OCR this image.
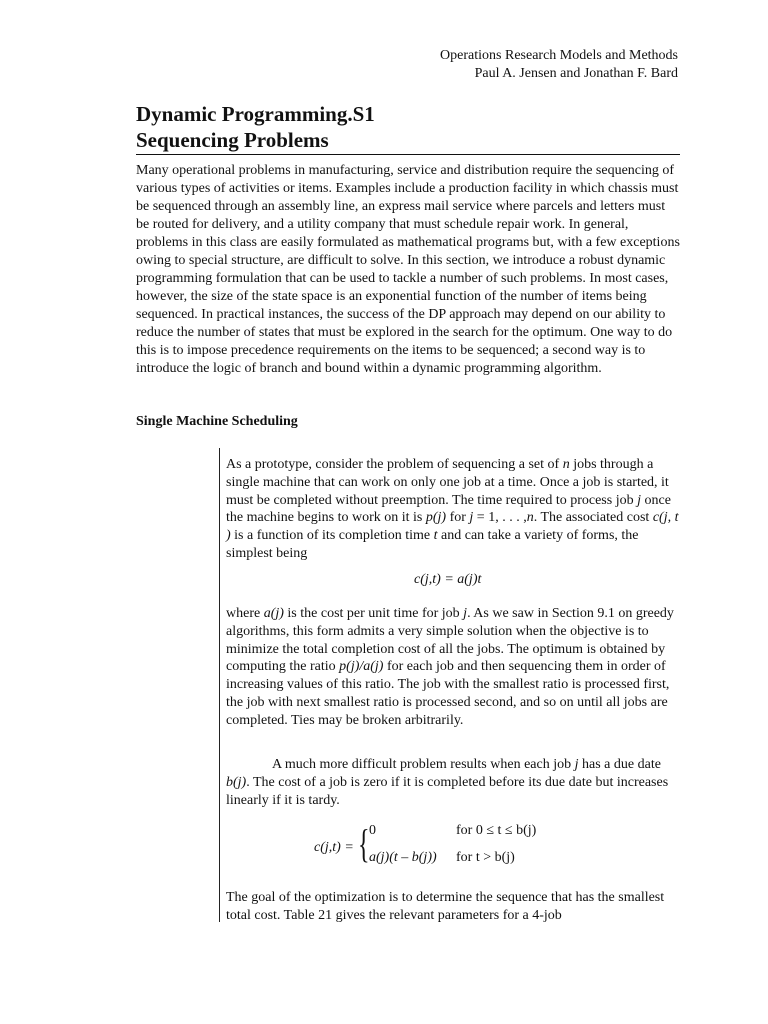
Operations Research Models and Methods
Paul A. Jensen and Jonathan F. Bard
Dynamic Programming.S1
Sequencing Problems

Many operational problems in manufacturing, service and distribution require the sequencing of various types of activities or items. Examples include a production facility in which chassis must be sequenced through an assembly line, an express mail service where parcels and letters must be routed for delivery, and a utility company that must schedule repair work. In general, problems in this class are easily formulated as mathematical programs but, with a few exceptions owing to special structure, are difficult to solve. In this section, we introduce a robust dynamic programming formulation that can be used to tackle a number of such problems. In most cases, however, the size of the state space is an exponential function of the number of items being sequenced. In practical instances, the success of the DP approach may depend on our ability to reduce the number of states that must be explored in the search for the optimum. One way to do this is to impose precedence requirements on the items to be sequenced; a second way is to introduce the logic of branch and bound within a dynamic programming algorithm.

Single Machine Scheduling

As a prototype, consider the problem of sequencing a set of n jobs through a single machine that can work on only one job at a time. Once a job is started, it must be completed without preemption. The time required to process job j once the machine begins to work on it is p(j) for j = 1, . . . ,n. The associated cost c(j, t ) is a function of its completion time t and can take a variety of forms, the simplest being

c(j,t) = a(j)t

where a(j) is the cost per unit time for job j. As we saw in Section 9.1 on greedy algorithms, this form admits a very simple solution when the objective is to minimize the total completion cost of all the jobs. The optimum is obtained by computing the ratio p(j)/a(j) for each job and then sequencing them in order of increasing values of this ratio. The job with the smallest ratio is processed first, the job with next smallest ratio is processed second, and so on until all jobs are completed. Ties may be broken arbitrarily.

A much more difficult problem results when each job j has a due date b(j). The cost of a job is zero if it is completed before its due date but increases linearly if it is tardy.

c(j,t) = { 0	for 0 ≤ t ≤ b(j)
a(j)(t – b(j)) for t > b(j)

The goal of the optimization is to determine the sequence that has the smallest total cost. Table 21 gives the relevant parameters for a 4-job
